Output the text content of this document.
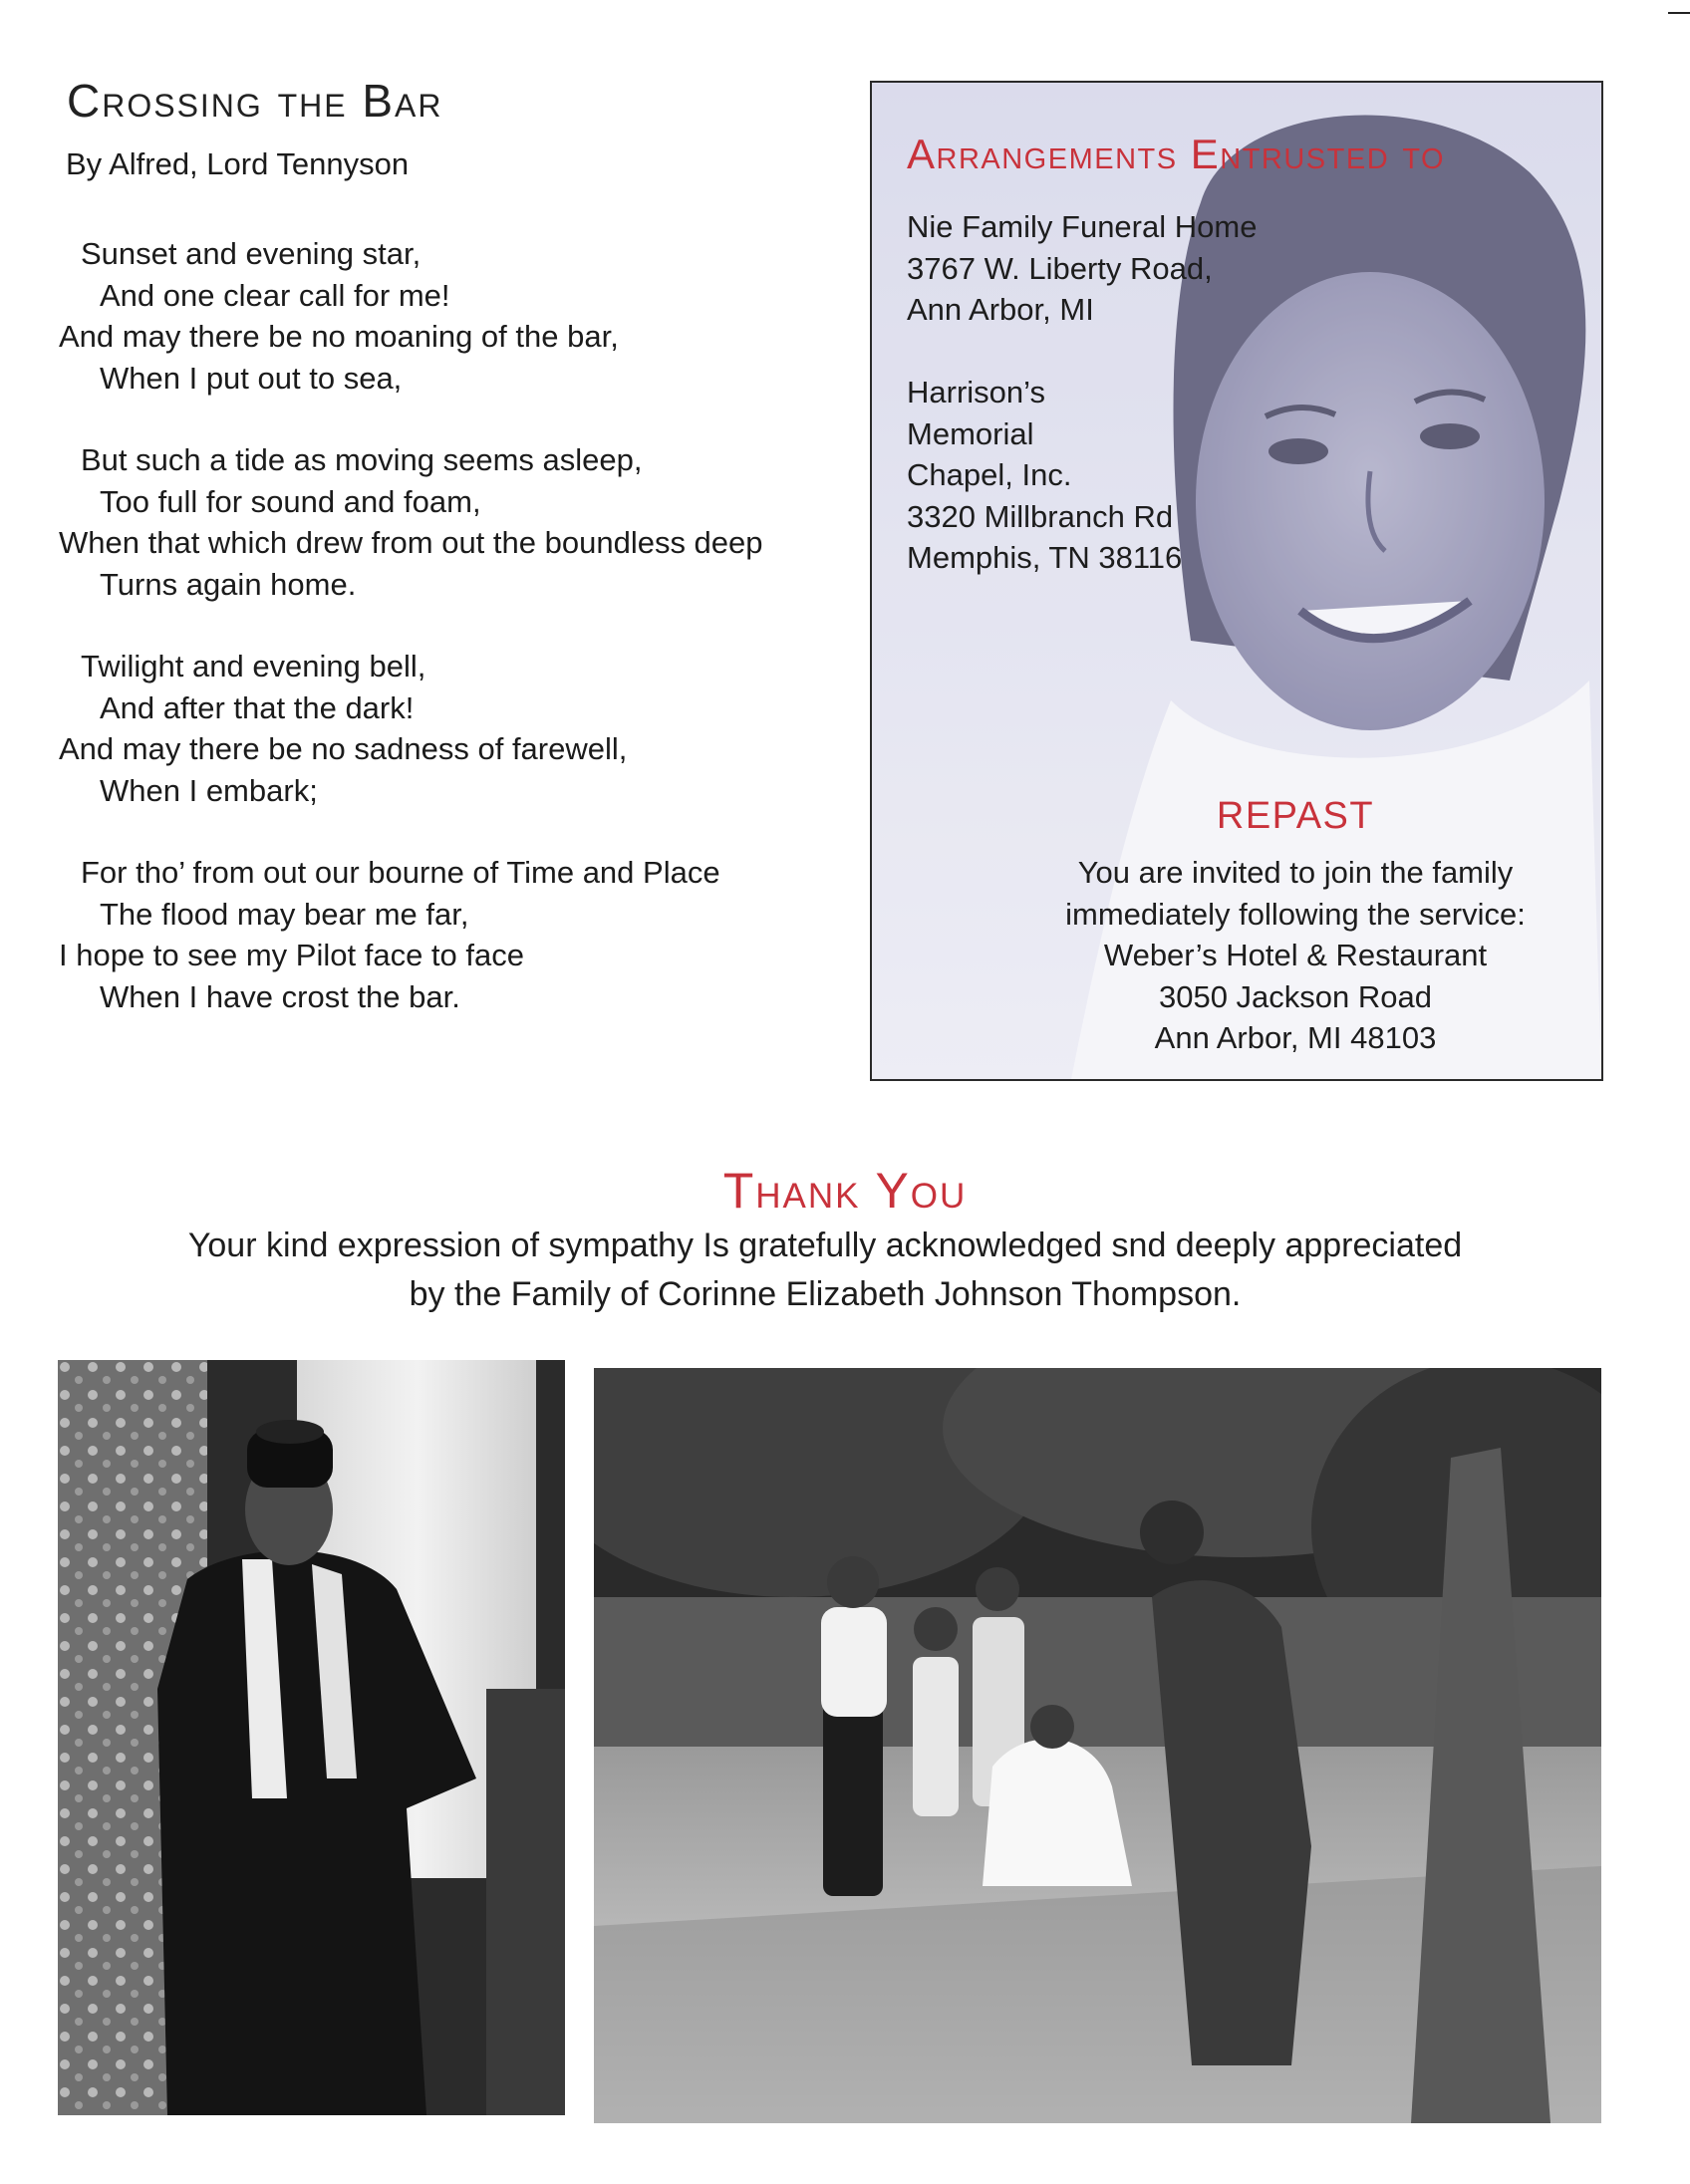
Crossing the Bar
By Alfred, Lord Tennyson
Sunset and evening star,
And one clear call for me!
And may there be no moaning of the bar,
When I put out to sea,
But such a tide as moving seems asleep,
Too full for sound and foam,
When that which drew from out the boundless deep
Turns again home.
Twilight and evening bell,
And after that the dark!
And may there be no sadness of farewell,
When I embark;
For tho’ from out our bourne of Time and Place
The flood may bear me far,
I hope to see my Pilot face to face
When I have crost the bar.
Arrangements Entrusted to
Nie Family Funeral Home
3767 W. Liberty Road,
Ann Arbor, MI
Harrison’s
Memorial
Chapel, Inc.
3320 Millbranch Rd
Memphis, TN 38116
REPAST
You are invited to join the family
immediately following the service:
Weber’s Hotel & Restaurant
3050 Jackson Road
Ann Arbor, MI 48103
Thank You
Your kind expression of sympathy Is gratefully acknowledged snd deeply appreciated
by the Family of Corinne Elizabeth Johnson Thompson.
